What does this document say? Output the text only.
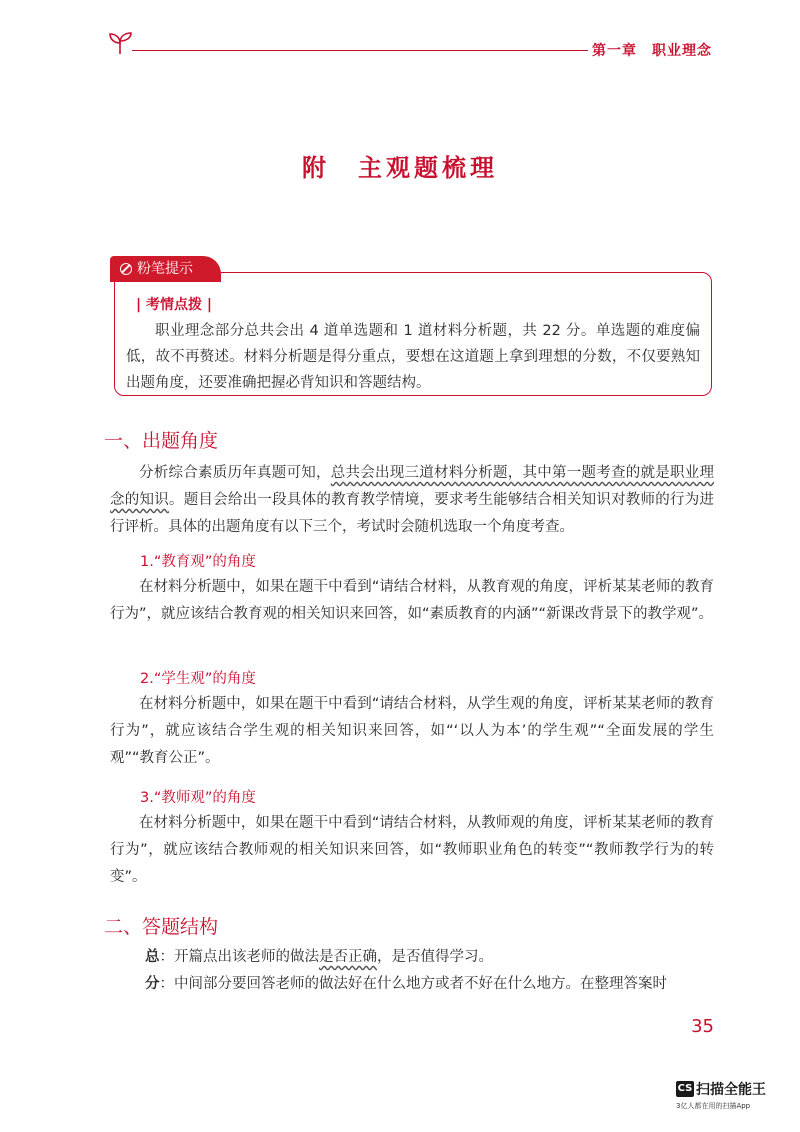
第一章　职业理念
附　主观题梳理
粉笔提示
| 考情点拨 |
职业理念部分总共会出 4 道单选题和 1 道材料分析题，共 22 分。单选题的难度偏低，故不再赘述。材料分析题是得分重点，要想在这道题上拿到理想的分数，不仅要熟知出题角度，还要准确把握必背知识和答题结构。
一、出题角度

分析综合素质历年真题可知，总共会出现三道材料分析题，其中第一题考查的就是职业理念的知识。题目会给出一段具体的教育教学情境，要求考生能够结合相关知识对教师的行为进行评析。具体的出题角度有以下三个，考试时会随机选取一个角度考查。

1.“教育观”的角度

在材料分析题中，如果在题干中看到“请结合材料，从教育观的角度，评析某某老师的教育行为”，就应该结合教育观的相关知识来回答，如“素质教育的内涵”“新课改背景下的教学观”。

2.“学生观”的角度

在材料分析题中，如果在题干中看到“请结合材料，从学生观的角度，评析某某老师的教育行为”，就应该结合学生观的相关知识来回答，如“‘以人为本’的学生观”“全面发展的学生观”“教育公正”。

3.“教师观”的角度

在材料分析题中，如果在题干中看到“请结合材料，从教师观的角度，评析某某老师的教育行为”，就应该结合教师观的相关知识来回答，如“教师职业角色的转变”“教师教学行为的转变”。

二、答题结构
总：开篇点出该老师的做法是否正确，是否值得学习。
分：中间部分要回答老师的做法好在什么地方或者不好在什么地方。在整理答案时
35
CS 扫描全能王
3亿人都在用的扫描App
